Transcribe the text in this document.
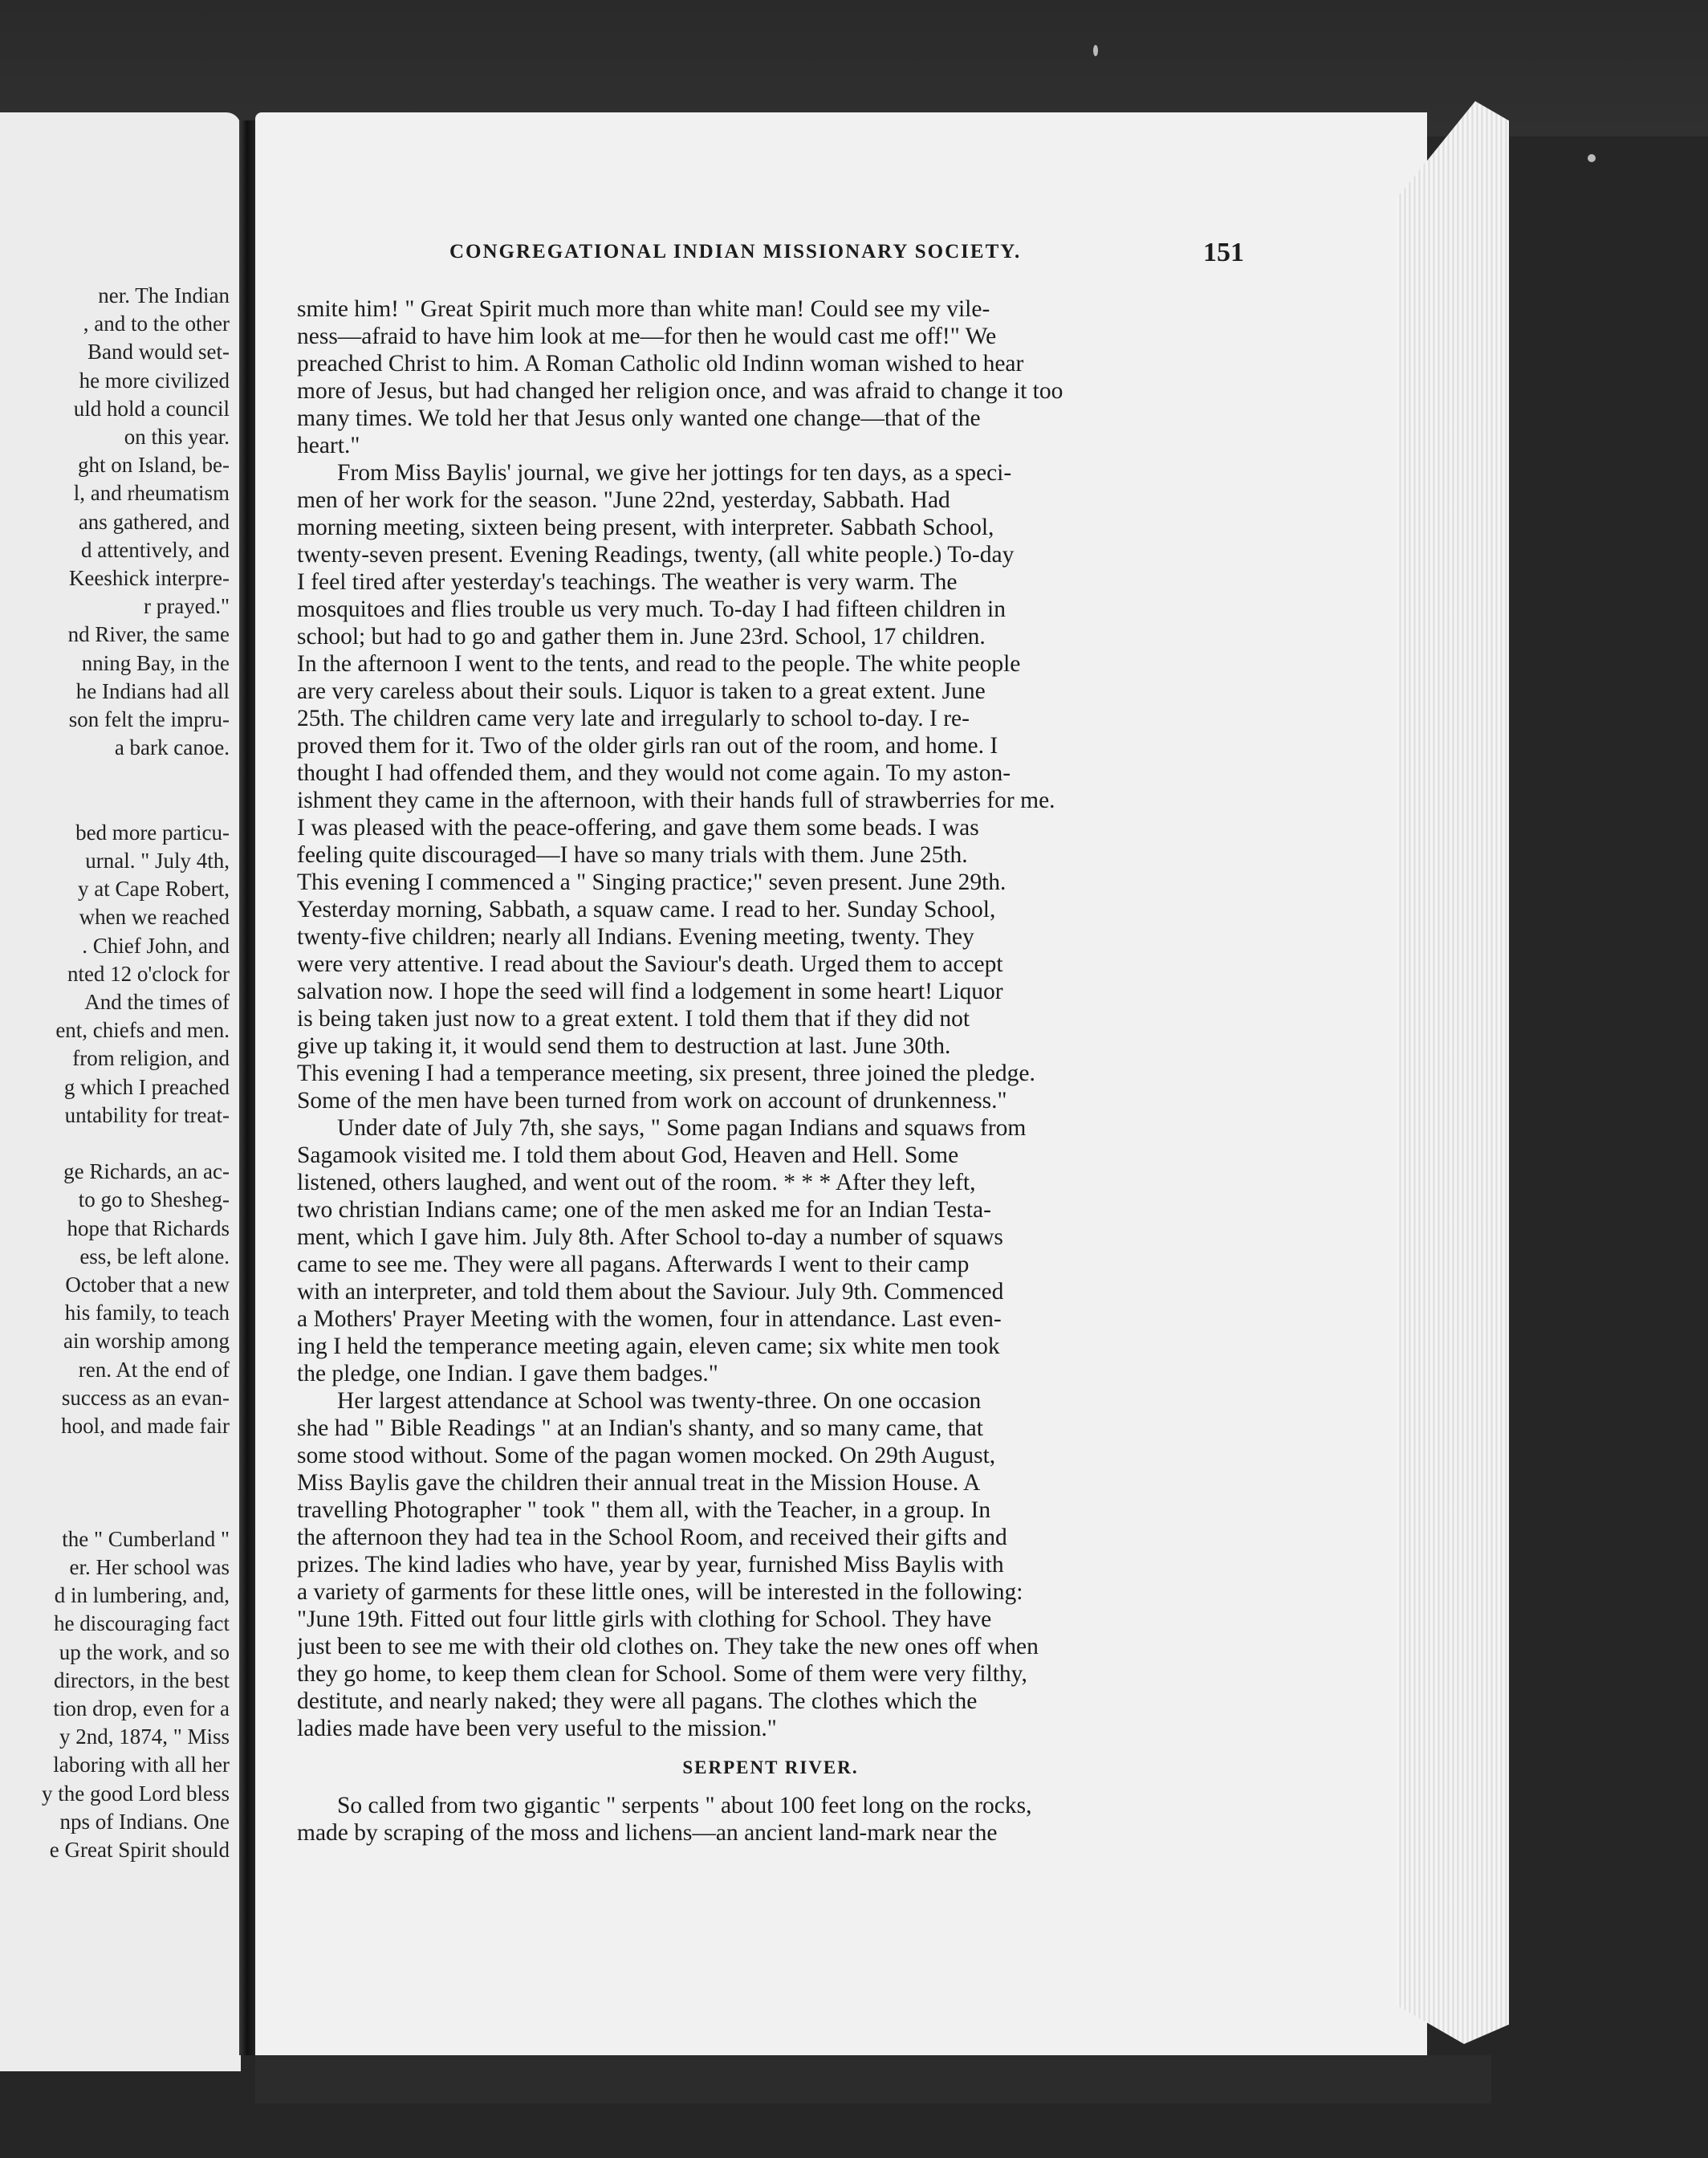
ner. The Indian
, and to the other
Band would set-
he more civilized
uld hold a council
on this year.
ght on Island, be-
l, and rheumatism
ans gathered, and
d attentively, and
Keeshick interpre-
r prayed."
nd River, the same
nning Bay, in the
he Indians had all
son felt the impru-
a bark canoe.
bed more particu-
urnal. " July 4th,
y at Cape Robert,
when we reached
. Chief John, and
nted 12 o'clock for
And the times of
ent, chiefs and men.
from religion, and
g which I preached
untability for treat-
ge Richards, an ac-
to go to Shesheg-
hope that Richards
ess, be left alone.
October that a new
his family, to teach
ain worship among
ren. At the end of
success as an evan-
hool, and made fair
the " Cumberland "
er. Her school was
d in lumbering, and,
he discouraging fact
up the work, and so
directors, in the best
tion drop, even for a
y 2nd, 1874, " Miss
laboring with all her
y the good Lord bless
nps of Indians. One
e Great Spirit should
CONGREGATIONAL INDIAN MISSIONARY SOCIETY.	151
smite him! " Great Spirit much more than white man! Could see my vile-
ness—afraid to have him look at me—for then he would cast me off!" We
preached Christ to him. A Roman Catholic old Indinn woman wished to hear
more of Jesus, but had changed her religion once, and was afraid to change it too
many times. We told her that Jesus only wanted one change—that of the
heart."
From Miss Baylis' journal, we give her jottings for ten days, as a speci-
men of her work for the season. "June 22nd, yesterday, Sabbath. Had
morning meeting, sixteen being present, with interpreter. Sabbath School,
twenty-seven present. Evening Readings, twenty, (all white people.) To-day
I feel tired after yesterday's teachings. The weather is very warm. The
mosquitoes and flies trouble us very much. To-day I had fifteen children in
school; but had to go and gather them in. June 23rd. School, 17 children.
In the afternoon I went to the tents, and read to the people. The white people
are very careless about their souls. Liquor is taken to a great extent. June
25th. The children came very late and irregularly to school to-day. I re-
proved them for it. Two of the older girls ran out of the room, and home. I
thought I had offended them, and they would not come again. To my aston-
ishment they came in the afternoon, with their hands full of strawberries for me.
I was pleased with the peace-offering, and gave them some beads. I was
feeling quite discouraged—I have so many trials with them. June 25th.
This evening I commenced a " Singing practice;" seven present. June 29th.
Yesterday morning, Sabbath, a squaw came. I read to her. Sunday School,
twenty-five children; nearly all Indians. Evening meeting, twenty. They
were very attentive. I read about the Saviour's death. Urged them to accept
salvation now. I hope the seed will find a lodgement in some heart! Liquor
is being taken just now to a great extent. I told them that if they did not
give up taking it, it would send them to destruction at last. June 30th.
This evening I had a temperance meeting, six present, three joined the pledge.
Some of the men have been turned from work on account of drunkenness."
Under date of July 7th, she says, " Some pagan Indians and squaws from
Sagamook visited me. I told them about God, Heaven and Hell. Some
listened, others laughed, and went out of the room. * * * After they left,
two christian Indians came; one of the men asked me for an Indian Testa-
ment, which I gave him. July 8th. After School to-day a number of squaws
came to see me. They were all pagans. Afterwards I went to their camp
with an interpreter, and told them about the Saviour. July 9th. Commenced
a Mothers' Prayer Meeting with the women, four in attendance. Last even-
ing I held the temperance meeting again, eleven came; six white men took
the pledge, one Indian. I gave them badges."
Her largest attendance at School was twenty-three. On one occasion
she had " Bible Readings " at an Indian's shanty, and so many came, that
some stood without. Some of the pagan women mocked. On 29th August,
Miss Baylis gave the children their annual treat in the Mission House. A
travelling Photographer " took " them all, with the Teacher, in a group. In
the afternoon they had tea in the School Room, and received their gifts and
prizes. The kind ladies who have, year by year, furnished Miss Baylis with
a variety of garments for these little ones, will be interested in the following:
"June 19th. Fitted out four little girls with clothing for School. They have
just been to see me with their old clothes on. They take the new ones off when
they go home, to keep them clean for School. Some of them were very filthy,
destitute, and nearly naked; they were all pagans. The clothes which the
ladies made have been very useful to the mission."
SERPENT RIVER.
So called from two gigantic " serpents " about 100 feet long on the rocks,
made by scraping of the moss and lichens—an ancient land-mark near the
